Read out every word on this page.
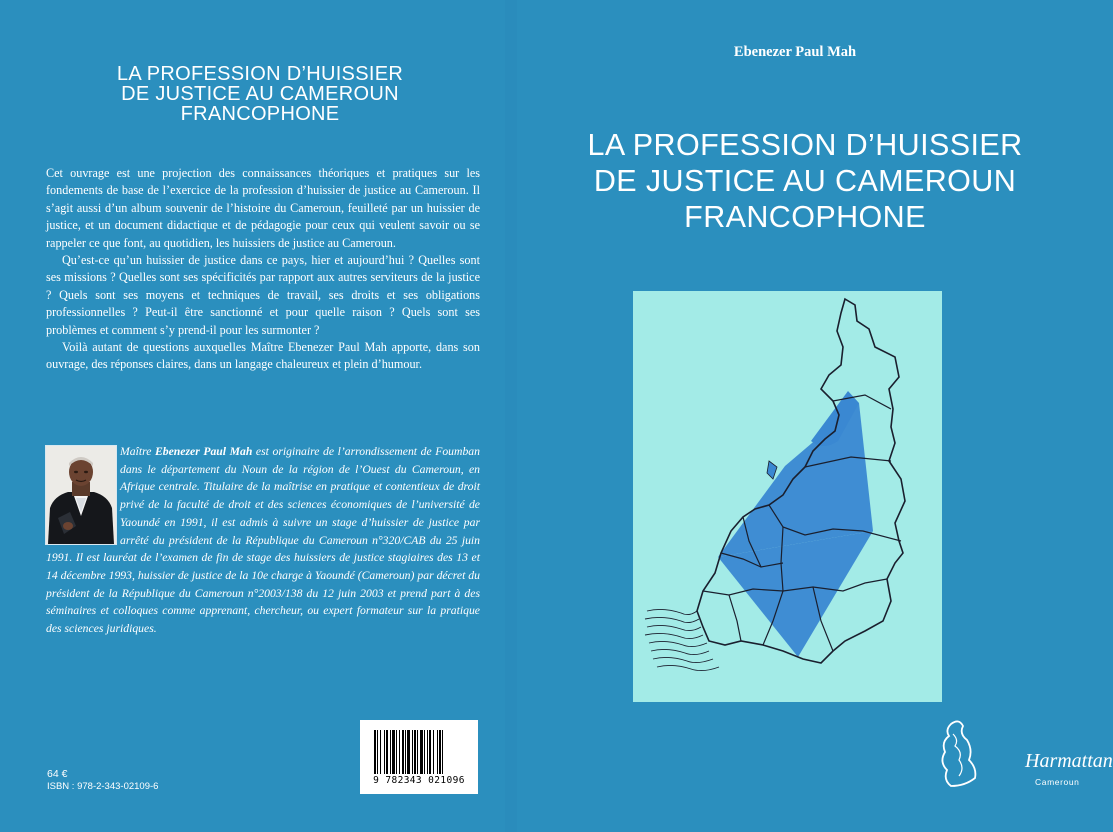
LA PROFESSION D’HUISSIER
DE JUSTICE AU CAMEROUN
FRANCOPHONE

Cet ouvrage est une projection des connaissances théoriques et pratiques sur les fondements de base de l’exercice de la profession d’huissier de justice au Cameroun. Il s’agit aussi d’un album souvenir de l’histoire du Cameroun, feuilleté par un huissier de justice, et un document didactique et de pédagogie pour ceux qui veulent savoir ou se rappeler ce que font, au quotidien, les huissiers de justice au Cameroun.

Qu’est-ce qu’un huissier de justice dans ce pays, hier et aujourd’hui ? Quelles sont ses missions ? Quelles sont ses spécificités par rapport aux autres serviteurs de la justice ? Quels sont ses moyens et techniques de travail, ses droits et ses obligations professionnelles ? Peut-il être sanctionné et pour quelle raison ? Quels sont ses problèmes et comment s’y prend-il pour les surmonter ?

Voilà autant de questions auxquelles Maître Ebenezer Paul Mah apporte, dans son ouvrage, des réponses claires, dans un langage chaleureux et plein d’humour.

Maître Ebenezer Paul Mah est originaire de l’arrondissement de Foumban dans le département du Noun de la région de l’Ouest du Cameroun, en Afrique centrale. Titulaire de la maîtrise en pratique et contentieux de droit privé de la faculté de droit et des sciences économiques de l’université de Yaoundé en 1991, il est admis à suivre un stage d’huissier de justice par arrêté du président de la République du Cameroun n°320/CAB du 25 juin 1991. Il est lauréat de l’examen de fin de stage des huissiers de justice stagiaires des 13 et 14 décembre 1993, huissier de justice de la 10e charge à Yaoundé (Cameroun) par décret du président de la République du Cameroun n°2003/138 du 12 juin 2003 et prend part à des séminaires et colloques comme apprenant, chercheur, ou expert formateur sur la pratique des sciences juridiques.
9 782343 021096
64 €
ISBN : 978-2-343-02109-6
Ebenezer Paul Mah
LA PROFESSION D’HUISSIER
DE JUSTICE AU CAMEROUN
FRANCOPHONE
Harmattan
Cameroun
